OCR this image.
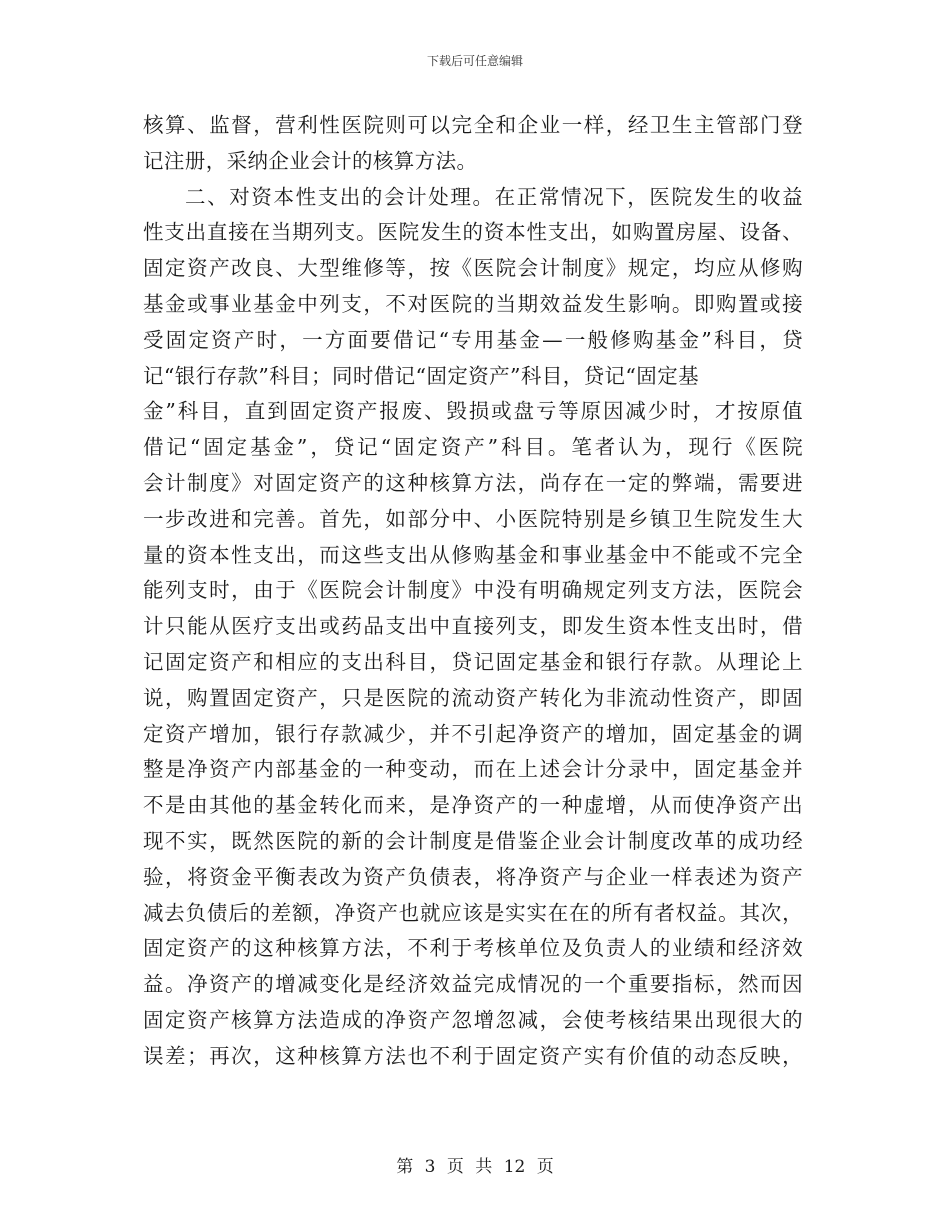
下载后可任意编辑
核算、监督，营利性医院则可以完全和企业一样，经卫生主管部门登
记注册，采纳企业会计的核算方法。
二、对资本性支出的会计处理。在正常情况下，医院发生的收益
性支出直接在当期列支。医院发生的资本性支出，如购置房屋、设备、
固定资产改良、大型维修等，按《医院会计制度》规定，均应从修购
基金或事业基金中列支，不对医院的当期效益发生影响。即购置或接
受固定资产时，一方面要借记“专用基金—一般修购基金”科目，贷
记“银行存款”科目；同时借记“固定资产”科目，贷记“固定基
金”科目，直到固定资产报废、毁损或盘亏等原因减少时，才按原值
借记“固定基金”，贷记“固定资产”科目。笔者认为，现行《医院
会计制度》对固定资产的这种核算方法，尚存在一定的弊端，需要进
一步改进和完善。首先，如部分中、小医院特别是乡镇卫生院发生大
量的资本性支出，而这些支出从修购基金和事业基金中不能或不完全
能列支时，由于《医院会计制度》中没有明确规定列支方法，医院会
计只能从医疗支出或药品支出中直接列支，即发生资本性支出时，借
记固定资产和相应的支出科目，贷记固定基金和银行存款。从理论上
说，购置固定资产，只是医院的流动资产转化为非流动性资产，即固
定资产增加，银行存款减少，并不引起净资产的增加，固定基金的调
整是净资产内部基金的一种变动，而在上述会计分录中，固定基金并
不是由其他的基金转化而来，是净资产的一种虚增，从而使净资产出
现不实，既然医院的新的会计制度是借鉴企业会计制度改革的成功经
验，将资金平衡表改为资产负债表，将净资产与企业一样表述为资产
减去负债后的差额，净资产也就应该是实实在在的所有者权益。其次，
固定资产的这种核算方法，不利于考核单位及负责人的业绩和经济效
益。净资产的增减变化是经济效益完成情况的一个重要指标，然而因
固定资产核算方法造成的净资产忽增忽减，会使考核结果出现很大的
误差；再次，这种核算方法也不利于固定资产实有价值的动态反映，
第 3 页 共 12 页
